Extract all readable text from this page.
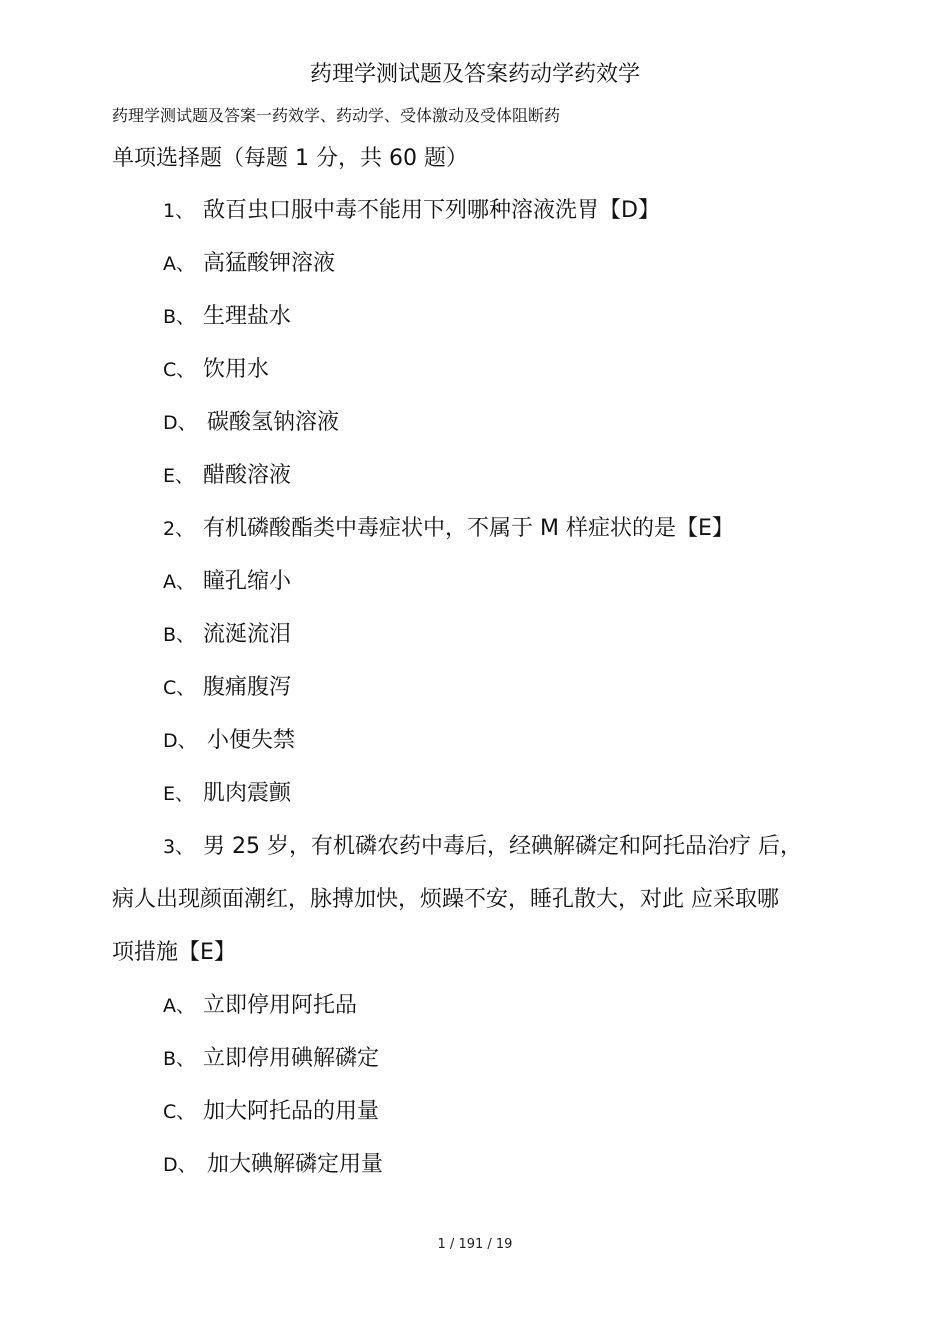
药理学测试题及答案药动学药效学
药理学测试题及答案一药效学、药动学、受体激动及受体阻断药
单项选择题（每题 1 分，共 60 题）
1、 敌百虫口服中毒不能用下列哪种溶液洗胃【D】
A、 高猛酸钾溶液
B、 生理盐水
C、 饮用水
D、 碳酸氢钠溶液
E、 醋酸溶液
2、 有机磷酸酯类中毒症状中，不属于 M 样症状的是【E】
A、 瞳孔缩小
B、 流涎流泪
C、 腹痛腹泻
D、 小便失禁
E、 肌肉震颤
3、 男 25 岁，有机磷农药中毒后，经碘解磷定和阿托品治疗 后，
病人出现颜面潮红，脉搏加快，烦躁不安，睡孔散大，对此 应采取哪
项措施【E】
A、 立即停用阿托品
B、 立即停用碘解磷定
C、 加大阿托品的用量
D、 加大碘解磷定用量
1 / 191 / 19
